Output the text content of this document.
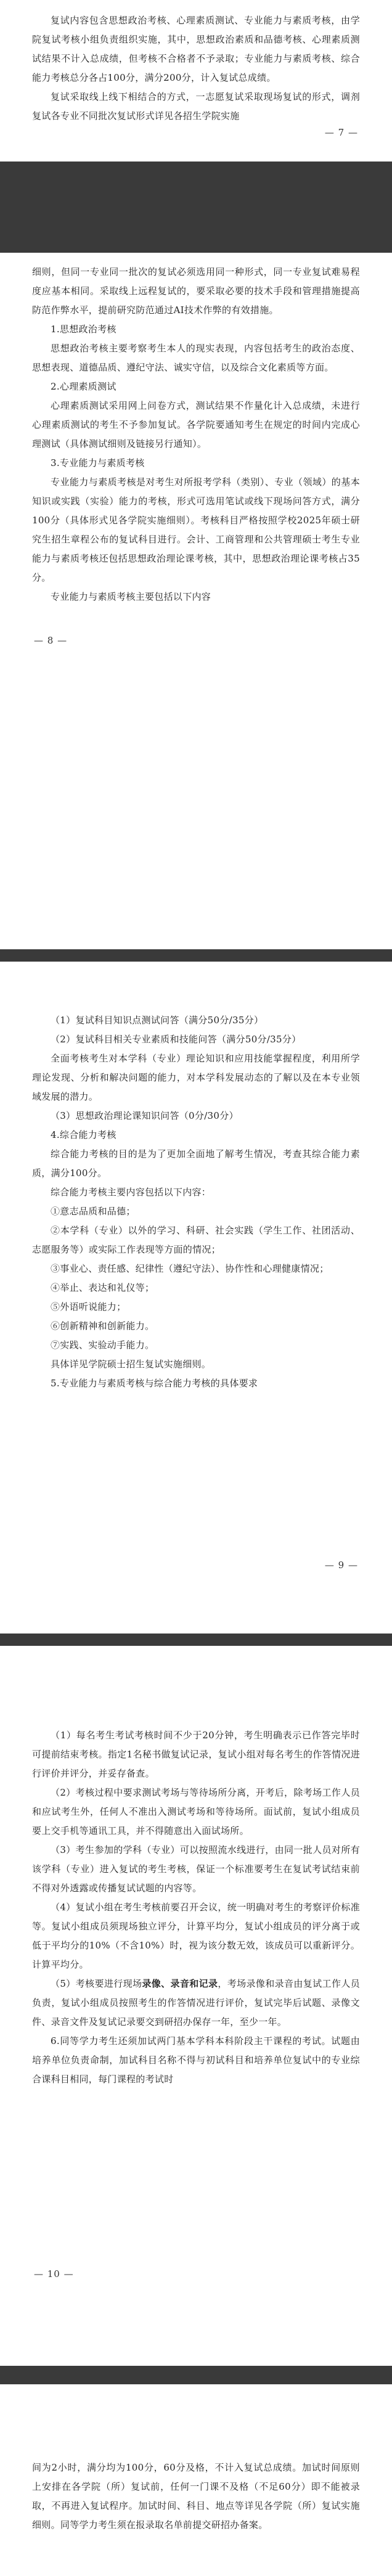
复试内容包含思想政治考核、心理素质测试、专业能力与素质考核，由学院复试考核小组负责组织实施，其中，思想政治素质和品德考核、心理素质测试结果不计入总成绩，但考核不合格者不予录取；专业能力与素质考核、综合能力考核总分各占100分，满分200分，计入复试总成绩。

复试采取线上线下相结合的方式，一志愿复试采取现场复试的形式，调剂复试各专业不同批次复试形式详见各招生学院实施

— 7 —

细则，但同一专业同一批次的复试必须选用同一种形式，同一专业复试难易程度应基本相同。采取线上远程复试的，要采取必要的技术手段和管理措施提高防范作弊水平，提前研究防范通过AI技术作弊的有效措施。

1.思想政治考核

思想政治考核主要考察考生本人的现实表现，内容包括考生的政治态度、思想表现、道德品质、遵纪守法、诚实守信，以及综合文化素质等方面。

2.心理素质测试

心理素质测试采用网上问卷方式，测试结果不作量化计入总成绩，未进行心理素质测试的考生不予参加复试。各学院要通知考生在规定的时间内完成心理测试（具体测试细则及链接另行通知）。

3.专业能力与素质考核

专业能力与素质考核是对考生对所报考学科（类别）、专业（领域）的基本知识或实践（实验）能力的考核，形式可选用笔试或线下现场问答方式，满分100分（具体形式见各学院实施细则）。考核科目严格按照学校2025年硕士研究生招生章程公布的复试科目进行。会计、工商管理和公共管理硕士考生专业能力与素质考核还包括思想政治理论课考核，其中，思想政治理论课考核占35分。

专业能力与素质考核主要包括以下内容

— 8 —

（1）复试科目知识点测试问答（满分50分/35分）

（2）复试科目相关专业素质和技能问答（满分50分/35分）

全面考核考生对本学科（专业）理论知识和应用技能掌握程度，利用所学理论发现、分析和解决问题的能力，对本学科发展动态的了解以及在本专业领域发展的潜力。

（3）思想政治理论课知识问答（0分/30分）

4.综合能力考核

综合能力考核的目的是为了更加全面地了解考生情况，考查其综合能力素质，满分100分。

综合能力考核主要内容包括以下内容：

①意志品质和品德；

②本学科（专业）以外的学习、科研、社会实践（学生工作、社团活动、志愿服务等）或实际工作表现等方面的情况；

③事业心、责任感、纪律性（遵纪守法）、协作性和心理健康情况；

④举止、表达和礼仪等；

⑤外语听说能力；

⑥创新精神和创新能力。

⑦实践、实验动手能力。

具体详见学院硕士招生复试实施细则。

5.专业能力与素质考核与综合能力考核的具体要求

— 9 —

（1）每名考生考试考核时间不少于20分钟，考生明确表示已作答完毕时可提前结束考核。指定1名秘书做复试记录，复试小组对每名考生的作答情况进行评价并评分，并妥存备查。

（2）考核过程中要求测试考场与等待场所分离，开考后，除考场工作人员和应试考生外，任何人不准出入测试考场和等待场所。面试前，复试小组成员要上交手机等通讯工具，并不得随意出入面试场所。

（3）考生参加的学科（专业）可以按照流水线进行，由同一批人员对所有该学科（专业）进入复试的考生考核，保证一个标准要考生在复试考试结束前不得对外透露或传播复试试题的内容等。

（4）复试小组在考生考核前要召开会议，统一明确对考生的考察评价标准等。复试小组成员须现场独立评分，计算平均分，复试小组成员的评分离于或低于平均分的10%（不含10%）时，视为该分数无效，该成员可以重新评分。计算平均分。

（5）考核要进行现场录像、录音和记录，考场录像和录音由复试工作人员负责，复试小组成员按照考生的作答情况进行评价，复试完毕后试题、录像文件、录音文件及复试记录要交到研招办保存一年，至少一年。

6.同等学力考生还须加试两门基本学科本科阶段主干课程的考试。试题由培养单位负责命制，加试科目名称不得与初试科目和培养单位复试中的专业综合课科目相同，每门课程的考试时

— 10 —

间为2小时，满分均为100分，60分及格，不计入复试总成绩。加试时间原则上安排在各学院（所）复试前，任何一门课不及格（不足60分）即不能被录取，不再进入复试程序。加试时间、科目、地点等详见各学院（所）复试实施细则。同等学力考生须在报录取名单前提交研招办备案。
